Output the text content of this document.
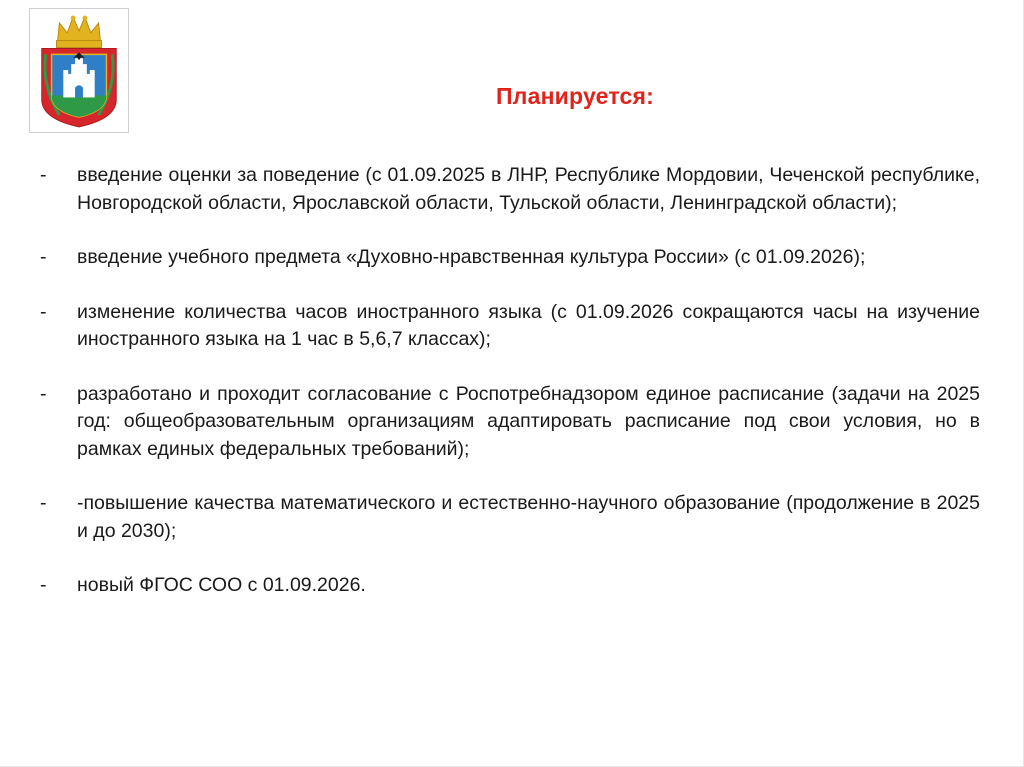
Планируется:
-	введение оценки за поведение (с 01.09.2025 в ЛНР, Республике Мордовии, Чеченской республике, Новгородской области, Ярославской области, Тульской области, Ленинградской области);
-	введение учебного предмета «Духовно-нравственная культура России» (с 01.09.2026);
-	изменение количества часов иностранного языка (с 01.09.2026 сокращаются часы на изучение иностранного языка на 1 час в 5,6,7 классах);
-	разработано и проходит согласование с Роспотребнадзором единое расписание (задачи на 2025 год: общеобразовательным организациям адаптировать расписание под свои условия, но в рамках единых федеральных требований);
-	-повышение качества математического и естественно-научного образование (продолжение в 2025 и до 2030);
-	новый ФГОС СОО с 01.09.2026.
